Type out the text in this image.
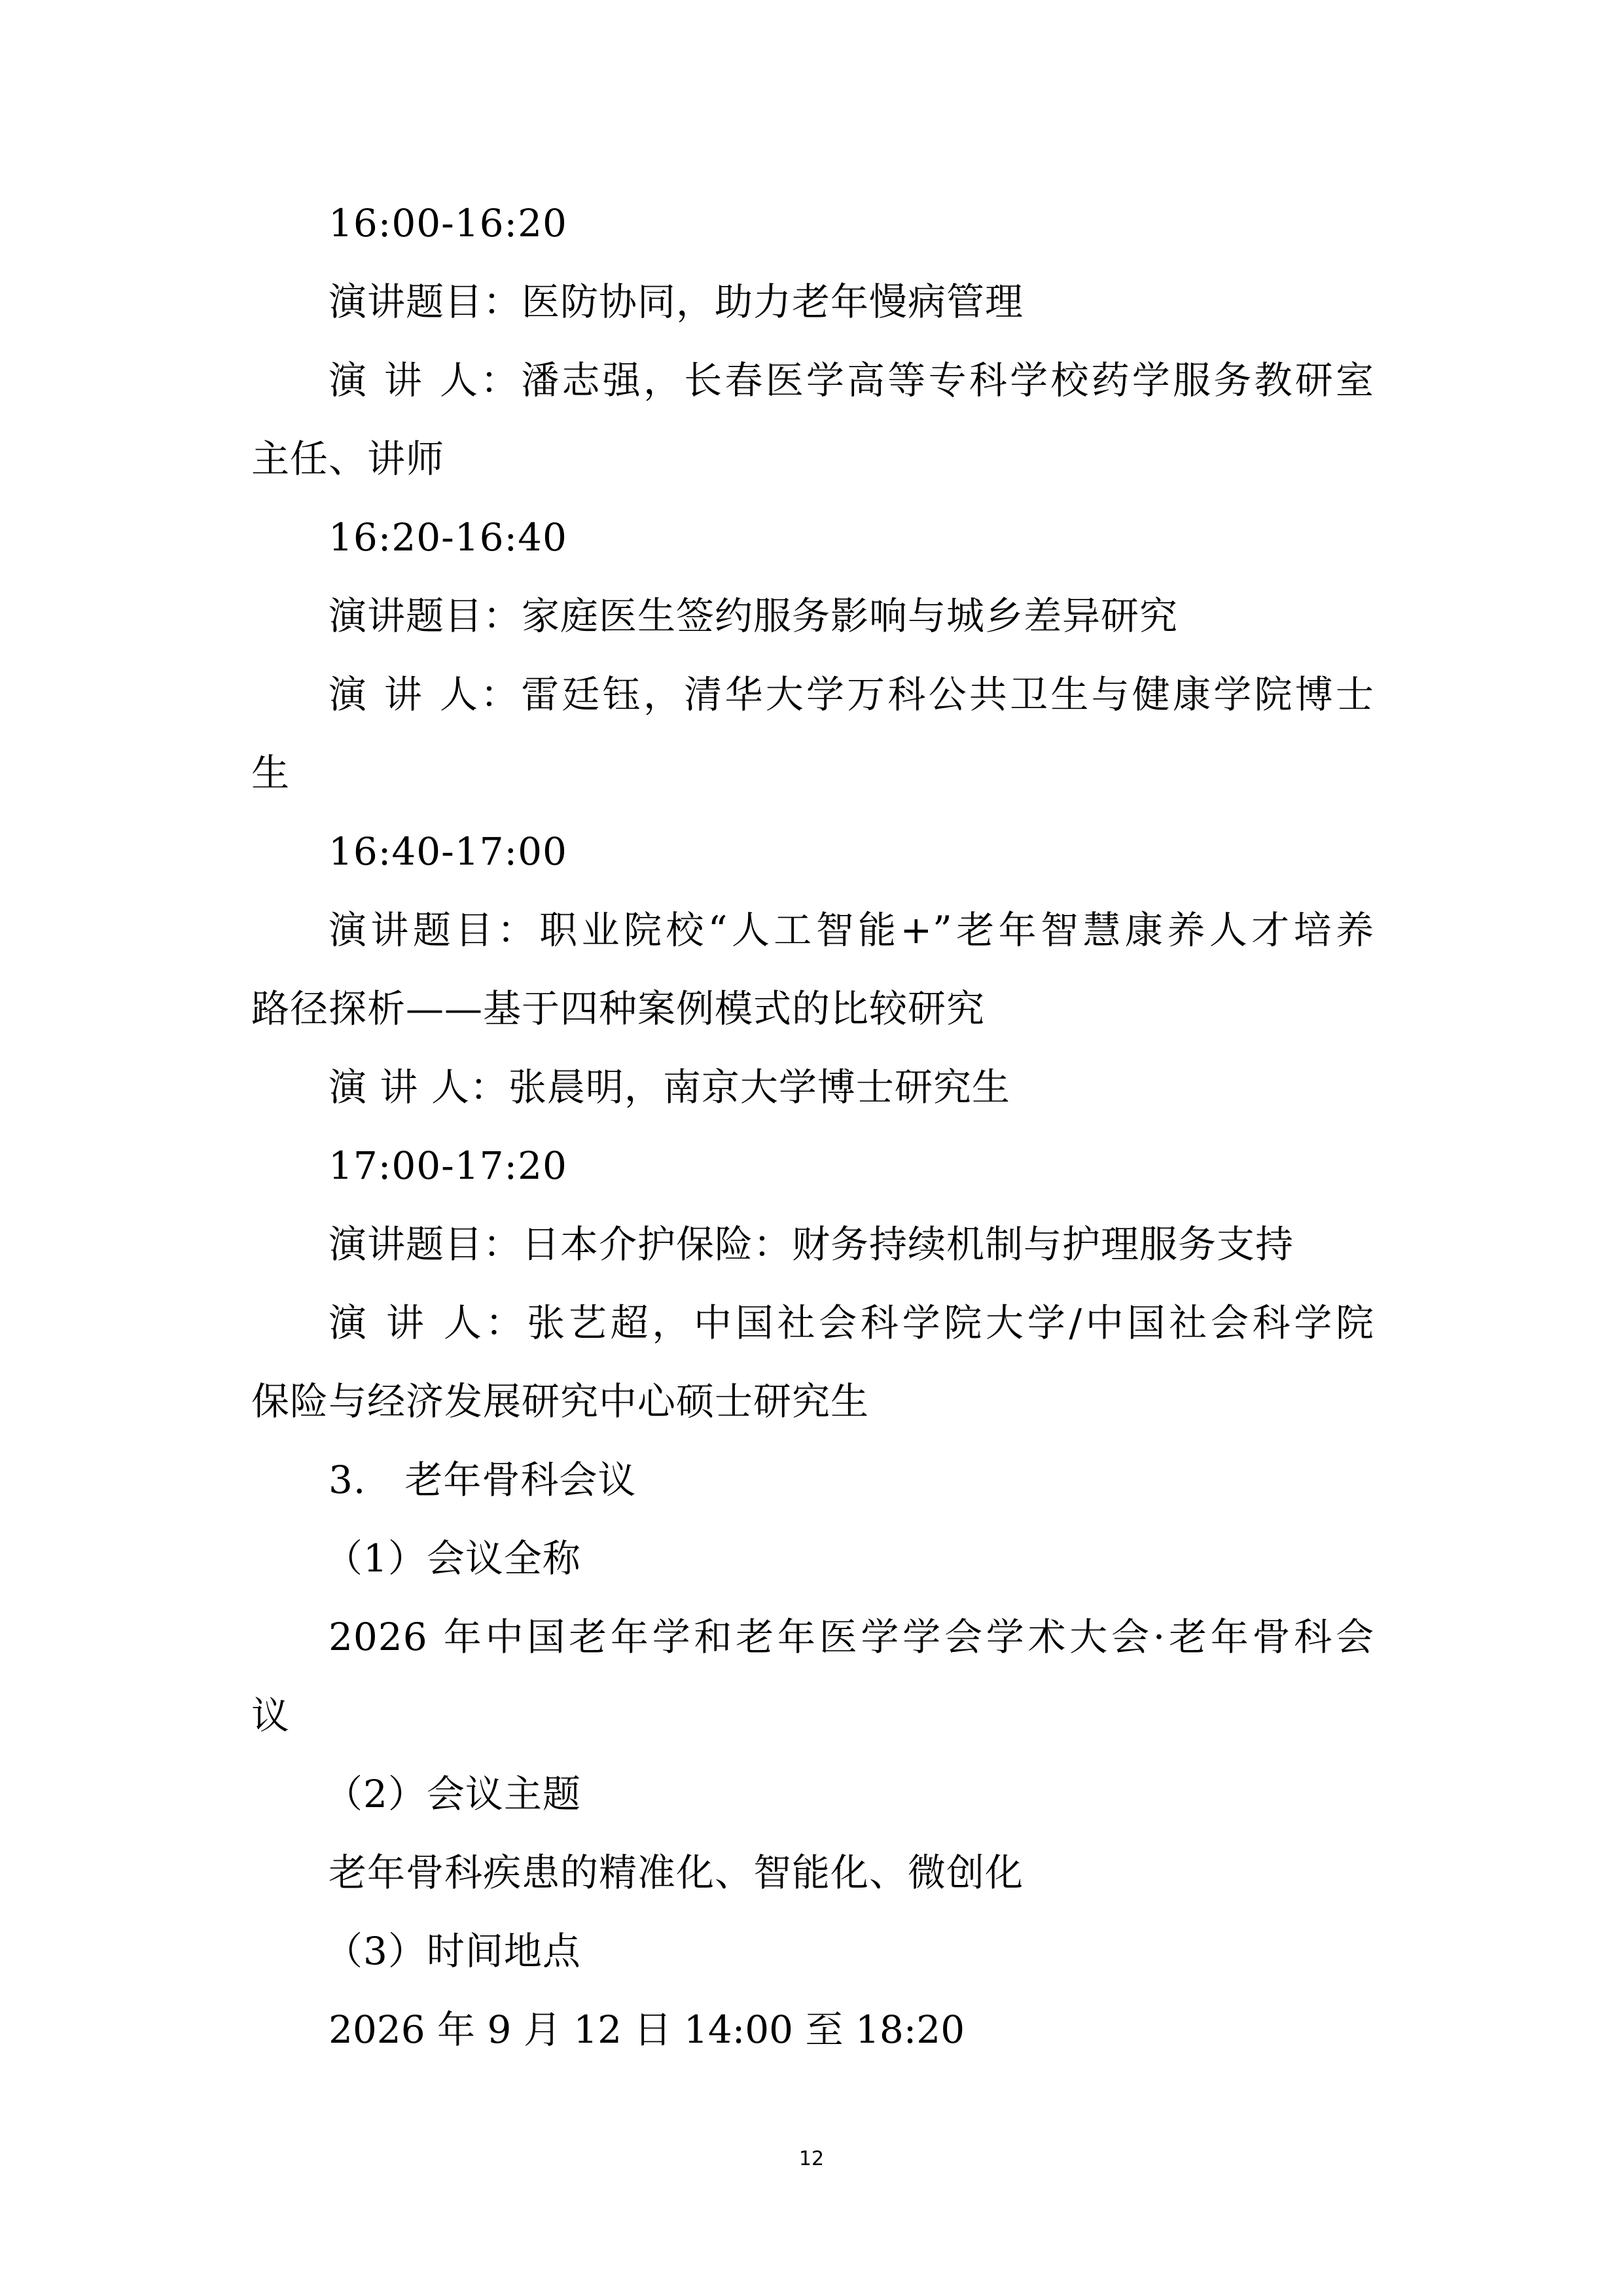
16:00-16:20
演讲题目：医防协同，助力老年慢病管理
演 讲 人：潘志强，长春医学高等专科学校药学服务教研室
主任、讲师
16:20-16:40
演讲题目：家庭医生签约服务影响与城乡差异研究
演 讲 人：雷廷钰，清华大学万科公共卫生与健康学院博士
生
16:40-17:00
演讲题目：职业院校“人工智能+”老年智慧康养人才培养
路径探析——基于四种案例模式的比较研究
演 讲 人：张晨明，南京大学博士研究生
17:00-17:20
演讲题目：日本介护保险：财务持续机制与护理服务支持
演 讲 人：张艺超，中国社会科学院大学/中国社会科学院
保险与经济发展研究中心硕士研究生
3.　老年骨科会议
（1）会议全称
2026 年中国老年学和老年医学学会学术大会·老年骨科会
议
（2）会议主题
老年骨科疾患的精准化、智能化、微创化
（3）时间地点
2026 年 9 月 12 日 14:00 至 18:20
12
